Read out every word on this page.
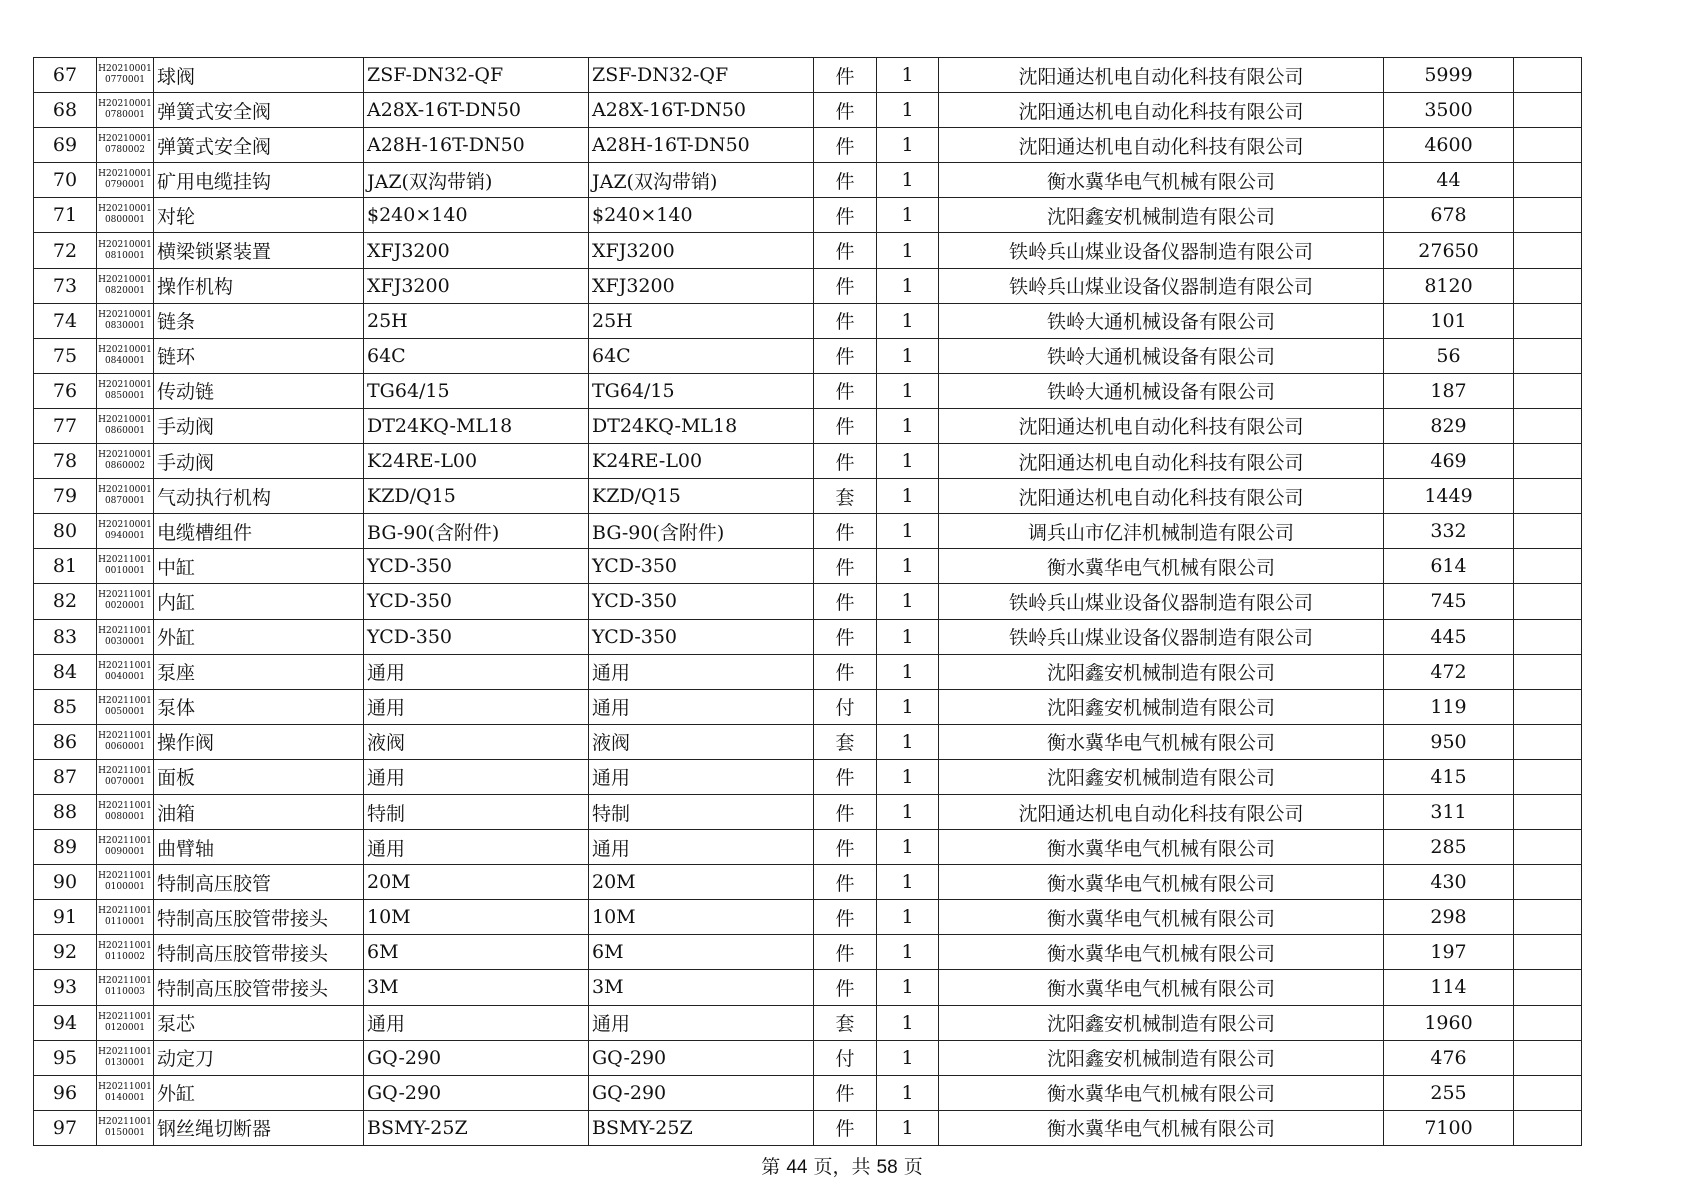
67	H20210001 0770001	球阀	ZSF-DN32-QF	ZSF-DN32-QF	件	1	沈阳通达机电自动化科技有限公司	5999	
68	H20210001 0780001	弹簧式安全阀	A28X-16T-DN50	A28X-16T-DN50	件	1	沈阳通达机电自动化科技有限公司	3500	
69	H20210001 0780002	弹簧式安全阀	A28H-16T-DN50	A28H-16T-DN50	件	1	沈阳通达机电自动化科技有限公司	4600	
70	H20210001 0790001	矿用电缆挂钩	JAZ(双沟带销)	JAZ(双沟带销)	件	1	衡水冀华电气机械有限公司	44	
71	H20210001 0800001	对轮	$240×140	$240×140	件	1	沈阳鑫安机械制造有限公司	678	
72	H20210001 0810001	横梁锁紧装置	XFJ3200	XFJ3200	件	1	铁岭兵山煤业设备仪器制造有限公司	27650	
73	H20210001 0820001	操作机构	XFJ3200	XFJ3200	件	1	铁岭兵山煤业设备仪器制造有限公司	8120	
74	H20210001 0830001	链条	25H	25H	件	1	铁岭大通机械设备有限公司	101	
75	H20210001 0840001	链环	64C	64C	件	1	铁岭大通机械设备有限公司	56	
76	H20210001 0850001	传动链	TG64/15	TG64/15	件	1	铁岭大通机械设备有限公司	187	
77	H20210001 0860001	手动阀	DT24KQ-ML18	DT24KQ-ML18	件	1	沈阳通达机电自动化科技有限公司	829	
78	H20210001 0860002	手动阀	K24RE-L00	K24RE-L00	件	1	沈阳通达机电自动化科技有限公司	469	
79	H20210001 0870001	气动执行机构	KZD/Q15	KZD/Q15	套	1	沈阳通达机电自动化科技有限公司	1449	
80	H20210001 0940001	电缆槽组件	BG-90(含附件)	BG-90(含附件)	件	1	调兵山市亿沣机械制造有限公司	332	
81	H20211001 0010001	中缸	YCD-350	YCD-350	件	1	衡水冀华电气机械有限公司	614	
82	H20211001 0020001	内缸	YCD-350	YCD-350	件	1	铁岭兵山煤业设备仪器制造有限公司	745	
83	H20211001 0030001	外缸	YCD-350	YCD-350	件	1	铁岭兵山煤业设备仪器制造有限公司	445	
84	H20211001 0040001	泵座	通用	通用	件	1	沈阳鑫安机械制造有限公司	472	
85	H20211001 0050001	泵体	通用	通用	付	1	沈阳鑫安机械制造有限公司	119	
86	H20211001 0060001	操作阀	液阀	液阀	套	1	衡水冀华电气机械有限公司	950	
87	H20211001 0070001	面板	通用	通用	件	1	沈阳鑫安机械制造有限公司	415	
88	H20211001 0080001	油箱	特制	特制	件	1	沈阳通达机电自动化科技有限公司	311	
89	H20211001 0090001	曲臂轴	通用	通用	件	1	衡水冀华电气机械有限公司	285	
90	H20211001 0100001	特制高压胶管	20M	20M	件	1	衡水冀华电气机械有限公司	430	
91	H20211001 0110001	特制高压胶管带接头	10M	10M	件	1	衡水冀华电气机械有限公司	298	
92	H20211001 0110002	特制高压胶管带接头	6M	6M	件	1	衡水冀华电气机械有限公司	197	
93	H20211001 0110003	特制高压胶管带接头	3M	3M	件	1	衡水冀华电气机械有限公司	114	
94	H20211001 0120001	泵芯	通用	通用	套	1	沈阳鑫安机械制造有限公司	1960	
95	H20211001 0130001	动定刀	GQ-290	GQ-290	付	1	沈阳鑫安机械制造有限公司	476	
96	H20211001 0140001	外缸	GQ-290	GQ-290	件	1	衡水冀华电气机械有限公司	255	
97	H20211001 0150001	钢丝绳切断器	BSMY-25Z	BSMY-25Z	件	1	衡水冀华电气机械有限公司	7100	
第 44 页，共 58 页
